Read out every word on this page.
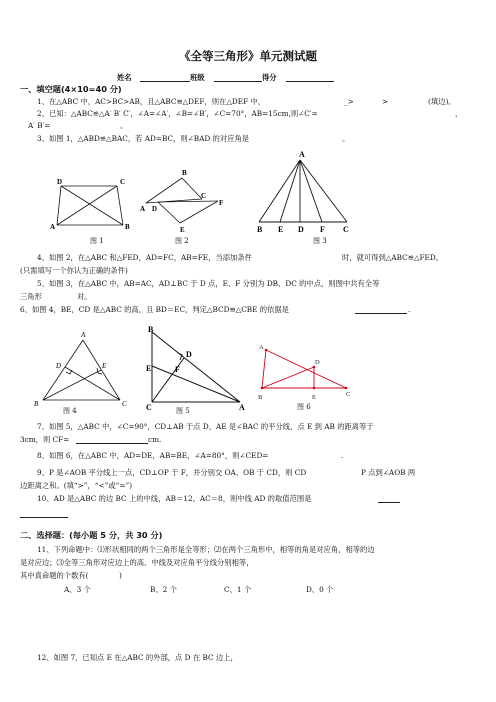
《全等三角形》单元测试题
姓名	班级	得分
一、填空题(4×10=40 分)
1、在△ABC 中，AC>BC>AB，且△ABC≌△DEF，则在△DEF 中，	_>	>	(填边)。
2、已知：△ABC≌△A′ B′ C′，∠A=∠A′，∠B=∠B′，∠C=70°，AB=15cm,则∠C′=	，
A′ B′=	。
3、如图 1，△ABD≌△BAC，若 AD=BC，则∠BAD 的对应角是	。
D	C
A	B
图 1
B
C
F
A D
E
图 2
A
B E D F C
图 3
4、如图 2，在△ABC 和△FED，AD=FC，AB=FE，当添加条件	时，就可得到△ABC≌△FED。
(只需填写一个你认为正确的条件)
5、如图 3，在△ABC 中，AB=AC，AD⊥BC 于 D 点，E、F 分别为 DB、DC 的中点，则图中共有全等
三角形	对。
6、如图 4，BE，CD 是△ABC 的高，且 BD＝EC，判定△BCD≌△CBE 的依据是	.
A
D	E
B	C
图 4
B
F
C
D
E
A
图 5
A
D
B	E	C
图 6
7、如图 5，△ABC 中，∠C=90°，CD⊥AB 于点 D，AE 是∠BAC 的平分线，点 E 到 AB 的距离等于
3cm，则 CF=	cm.
8、如图 6，在△ABC 中，AD=DE，AB=BE，∠A=80°，则∠CED=	.
9、P 是∠AOB 平分线上一点，CD⊥OP 于 F，并分别交 OA、OB 于 CD，则 CD	P 点到∠AOB 两
边距离之和。(填“>”，“<”或“=”)
10、AD 是△ABC 的边 BC 上的中线，AB＝12，AC＝8，则中线 AD 的取值范围是
二、选择题：(每小题 5 分，共 30 分)
11、下列命题中：⑴形状相同的两个三角形是全等形；⑵在两个三角形中，相等的角是对应角，相等的边
是对应边；⑶全等三角形对应边上的高、中线及对应角平分线分别相等，
其中真命题的个数有(	)
A、3 个	B、2 个	C、1 个	D、0 个
12、如图 7，已知点 E 在△ABC 的外部，点 D 在 BC 边上，
